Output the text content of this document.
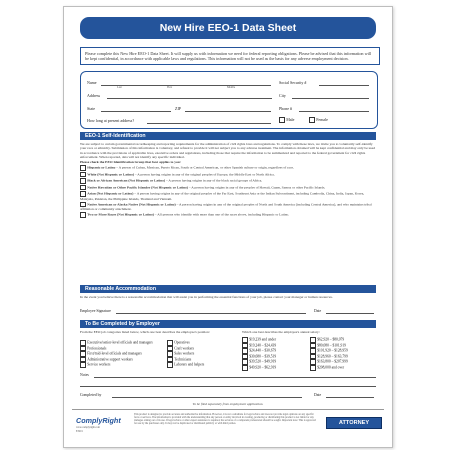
New Hire EEO-1 Data Sheet
Please complete this New Hire EEO-1 Data Sheet. It will supply us with information we need for federal reporting obligations. Please be advised that this information will be kept confidential, in accordance with applicable laws and regulations. This information will not be used as the basis for any adverse employment decision.
Name
Last	First	Middle
Social Security #
Address	City
State	ZIP	Phone #
How long at present address?	Male	Female
EEO-1 Self-Identification

We are subject to certain governmental recordkeeping and reporting requirements for the administration of civil rights laws and regulations. To comply with these laws, we invite you to voluntarily self-identify your race or ethnicity. Submission of this information is voluntary, and refusal to provide it will not subject you to any adverse treatment. The information obtained will be kept confidential and may only be used in accordance with the provisions of applicable laws, executive orders and regulations, including those that require the information to be summarized and reported to the federal government for civil rights enforcement. When reported, data will not identify any specific individual.

Please check the EEO Identification Group that best applies to you:

Hispanic or Latino – A person of Cuban, Mexican, Puerto Rican, South or Central American, or other Spanish culture or origin, regardless of race.
White (Not Hispanic or Latino) – A person having origins in any of the original peoples of Europe, the Middle East or North Africa.
Black or African American (Not Hispanic or Latino) – A person having origins in any of the black racial groups of Africa.
Native Hawaiian or Other Pacific Islander (Not Hispanic or Latino) – A person having origins in any of the peoples of Hawaii, Guam, Samoa or other Pacific Islands.
Asian (Not Hispanic or Latino) – A person having origins in any of the original peoples of the Far East, Southeast Asia or the Indian Subcontinent, including Cambodia, China, India, Japan, Korea, Malaysia, Pakistan, the Philippine Islands, Thailand and Vietnam.
Native American or Alaska Native (Not Hispanic or Latino) – A person having origins in any of the original peoples of North and South America (including Central America), and who maintains tribal affiliation or community attachment.
Two or More Races (Not Hispanic or Latino) – All persons who identify with more than one of the races above, including Hispanic or Latino.
Reasonable Accommodation
In the event you believe there is a reasonable accommodation that will assist you in performing the essential functions of your job, please contact your manager or human resources.
Employee Signature	Date
To Be Completed by Employer
From the EEO job categories listed below, which one best describes the employee's position:
Executive/senior-level officials and managers
Professionals
First/mid-level officials and managers
Administrative support workers
Service workers
Operatives
Craft workers
Sales workers
Technicians
Laborers and helpers
Which one best describes the employee's annual salary:
$19,239 and under
$19,240 – $24,439
$24,440 – $30,679
$30,680 – $39,519
$39,520 – $49,919
$49,920 – $62,919
$62,920 – $80,079
$80,080 – $101,919
$101,920 – $128,959
$128,960 – $163,799
$163,800 – $207,999
$208,000 and over
Notes
Completed by	Date
To be filed separately from employment application.
ComplyRight
www.complyright.com
E3201
This product is designed to provide accurate and authoritative information. However, it is not a substitute for legal advice and does not provide legal opinions on any specific facts or services. The information is provided with the understanding that any person or entity involved in creating, producing or distributing this product is not liable for any damages arising out of its use. If legal advice or other expert assistance is required, the services of a competent professional should be sought. Important note: This is approved for use by the purchaser only. It may not be duplicated or distributed publicly or with third parties.	ATTORNEY
